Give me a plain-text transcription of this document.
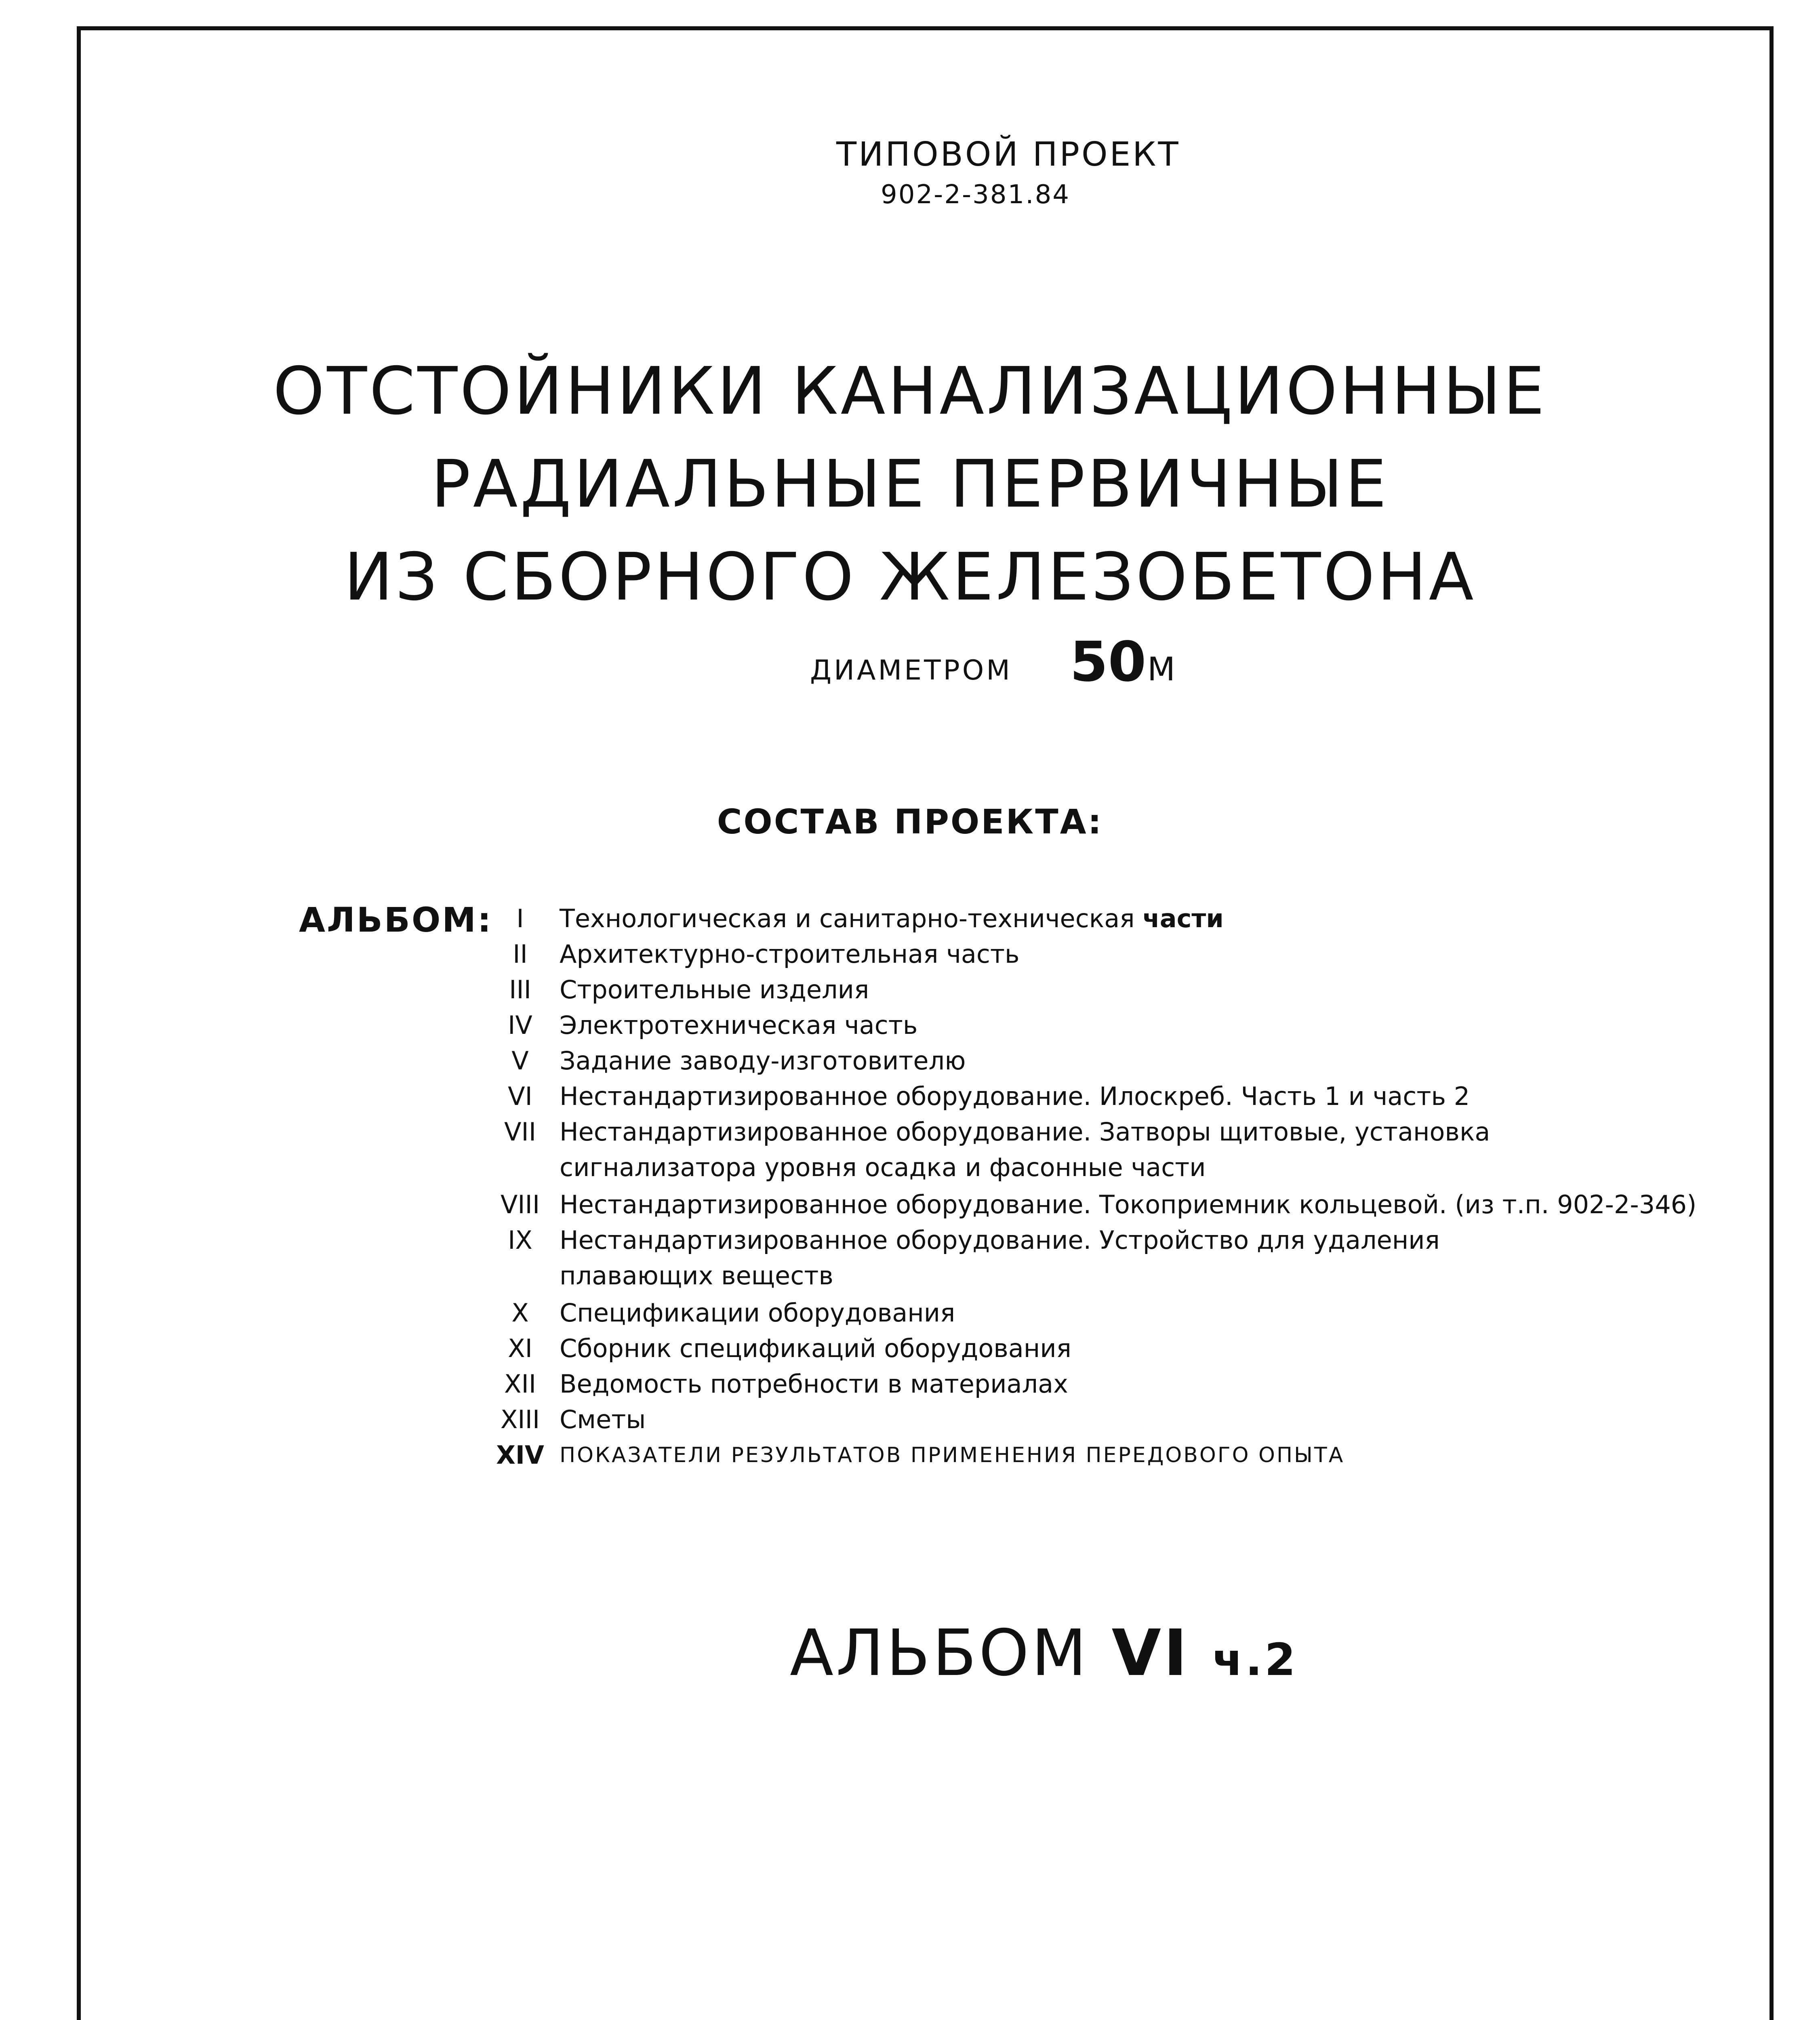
ТИПОВОЙ ПРОЕКТ
902-2-381.84
ОТСТОЙНИКИ КАНАЛИЗАЦИОННЫЕ
РАДИАЛЬНЫЕ ПЕРВИЧНЫЕ
ИЗ СБОРНОГО ЖЕЛЕЗОБЕТОНА
ДИАМЕТРОМ 50 М
СОСТАВ ПРОЕКТА:
АЛЬБОМ: I	Технологическая и санитарно-техническая части
II	Архитектурно-строительная часть
III	Строительные изделия
IV	Электротехническая часть
V	Задание заводу-изготовителю
VI	Нестандартизированное оборудование. Илоскреб. Часть 1 и часть 2
VII Нестандартизированное оборудование. Затворы щитовые, установка
сигнализатора уровня осадка и фасонные части
VIII Нестандартизированное оборудование. Токоприемник кольцевой. (из т.п. 902-2-346)
IX	Нестандартизированное оборудование. Устройство для удаления
плавающих веществ
X	Спецификации оборудования
XI	Сборник спецификаций оборудования
XII Ведомость потребности в материалах
XIII Сметы
XIV ПОКАЗАТЕЛИ РЕЗУЛЬТАТОВ ПРИМЕНЕНИЯ ПЕРЕДОВОГО ОПЫТА
АЛЬБОМ VI ч.2
